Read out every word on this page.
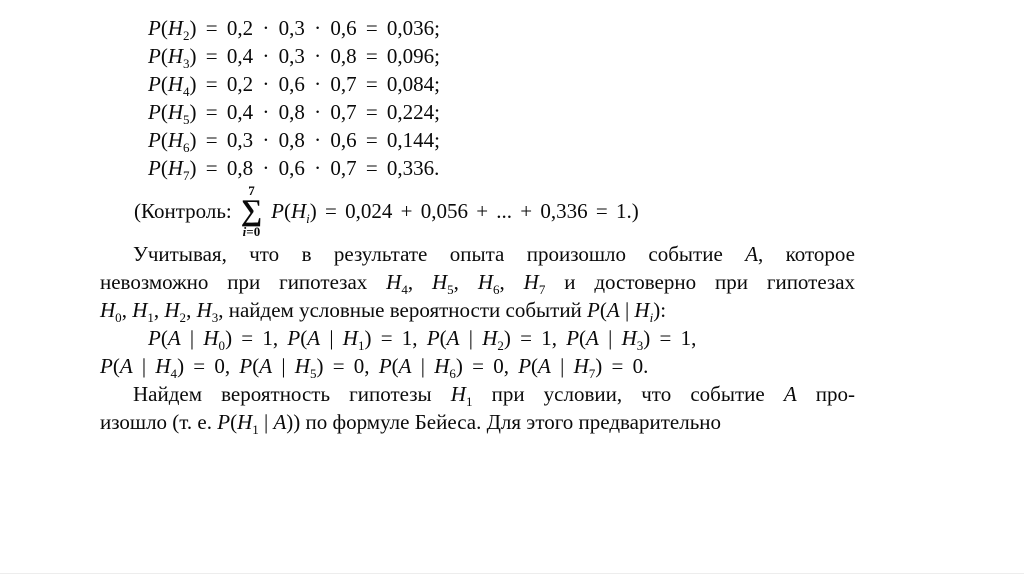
$P(H_2) = 0,2 \cdot 0,3 \cdot 0,6 = 0,036$;
$P(H_3) = 0,4 \cdot 0,3 \cdot 0,8 = 0,096$;
$P(H_4) = 0,2 \cdot 0,6 \cdot 0,7 = 0,084$;
$P(H_5) = 0,4 \cdot 0,8 \cdot 0,7 = 0,224$;
$P(H_6) = 0,3 \cdot 0,8 \cdot 0,6 = 0,144$;
$P(H_7) = 0,8 \cdot 0,6 \cdot 0,7 = 0,336$.
(Контроль:
7
∑
i=0
$P(H_i) = 0,024 + 0,056$ + ... + 0,336 = 1.)
Учитывая, что в результате опыта произошло событие A, которое
невозможно при гипотезах $H_4$, $H_5$, $H_6$, $H_7$ и достоверно при гипотезах
$H_0$, $H_1$, $H_2$, $H_3$, найдем условные вероятности событий P(A | $H_i$):
P(A | $H_0) = 1$, P(A | $H_1) = 1$, P(A | $H_2) = 1$, P(A | $H_3) = 1$,
P(A | $H_4) = 0$, P(A | $H_5) = 0$, P(A | $H_6) = 0$, P(A | $H_7) = 0$.
Найдем вероятность гипотезы $H_1$ при условии, что событие A про-
изошло (т. е. $P(H_1$ | A)) по формуле Бейеса. Для этого предварительно
